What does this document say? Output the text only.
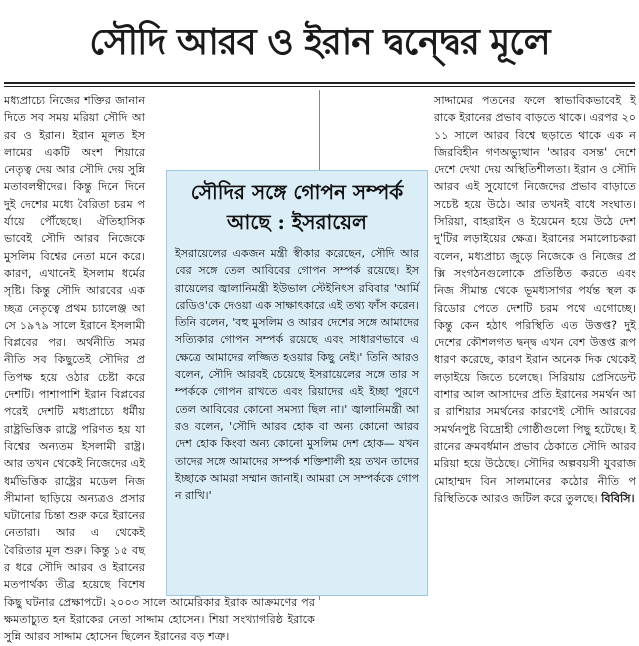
সৌদি আরব ও ইরান দ্বন্দ্বের মূলে
মধ্যপ্রাচ্যে নিজের শক্তির জানান দিতে সব সময় মরিয়া সৌদি আরব ও ইরান। ইরান মূলত ইসলামের একটি অংশ শিয়ারে নেতৃত্ব দেয় আর সৌদি দেয় সুন্নি মতাবলম্বীদের। কিন্তু দিনে দিনে দুই দেশের মধ্যে বৈরিতা চরম পর্যায়ে পৌঁছেছে। ঐতিহাসিকভাবেই সৌদি আরব নিজেকে মুসলিম বিশ্বের নেতা মনে করে। কারণ, এখানেই ইসলাম ধর্মের সৃষ্টি। কিন্তু সৌদি আরবের একচ্ছত্র নেতৃত্বে প্রথম চ্যালেঞ্জ আসে ১৯৭৯ সালে ইরানে ইসলামী বিপ্লবের পর। অর্থনীতি সমরনীতি সব কিছুতেই সৌদির প্রতিপক্ষ হয়ে ওঠার চেষ্টা করে দেশটি। পাশাপাশি ইরান বিপ্লবের পরেই দেশটি মধ্যপ্রাচ্যে ধর্মীয় রাষ্ট্রভিত্তিক রাষ্ট্রে পরিণত হয় যা বিশ্বের অন্যতম ইসলামী রাষ্ট্র। আর তখন থেকেই নিজেদের এই ধর্মভিত্তিক রাষ্ট্রের মডেল নিজ সীমানা ছাড়িয়ে অন্যত্রও প্রসার ঘটানোর চিন্তা শুরু করে ইরানের নেতারা। আর এ থেকেই বৈরিতার মূল শুরু। কিন্তু ১৫ বছর ধরে সৌদি আরব ও ইরানের মতপার্থক্য তীব্র হয়েছে বিশেষ কিছু ঘটনার প্রেক্ষাপটে। ২০০৩ সালে আমেরিকার ইরাক আক্রমণের পর ক্ষমতাচ্যুত হন ইরাকের নেতা সাদ্দাম হোসেন। শিয়া সংখ্যাগরিষ্ঠ ইরাকে সুন্নি আরব সাদ্দাম হোসেন ছিলেন ইরানের বড় শত্রু।
সাদ্দামের পতনের ফলে স্বাভাবিকভাবেই ইরাকে ইরানের প্রভাব বাড়তে থাকে। এরপর ২০১১ সালে আরব বিশ্বে ছড়াতে থাকে এক নজিরবিহীন গণঅভ্যুত্থান 'আরব বসন্ত' দেশে দেশে দেখা দেয় অস্থিতিশীলতা। ইরান ও সৌদি আরব এই সুযোগে নিজেদের প্রভাব বাড়াতে সচেষ্ট হয়ে উঠে। আর তখনই বাধে সংঘাত। সিরিয়া, বাহরাইন ও ইয়েমেন হয়ে উঠে দেশ দু'টির লড়াইয়ের ক্ষেত্র। ইরানের সমালোচকরা বলেন, মধ্যপ্রাচ্য জুড়ে নিজেকে ও নিজের প্রক্সি সংগঠনগুলোকে প্রতিষ্ঠিত করতে এবং নিজ সীমান্ত থেকে ভূমধ্যসাগর পর্যন্ত স্থল করিডোর পেতে দেশটি চরম পথে এগোচ্ছে। কিন্তু কেন হঠাৎ পরিস্থিতি এত উত্তপ্ত? দুই দেশের কৌশলগত দ্বন্দ্ব এখন বেশ উত্তপ্ত রূপ ধারণ করেছে, কারণ ইরান অনেক দিক থেকেই লড়াইয়ে জিতে চলেছে। সিরিয়ায় প্রেসিডেন্ট বাশার আল আসাদের প্রতি ইরানের সমর্থন আর রাশিয়ার সমর্থনের কারণেই সৌদি আরবের সমর্থনপুষ্ট বিদ্রোহী গোষ্ঠীগুলো পিছু হটেছে। ইরানের ক্রমবর্ধমান প্রভাব ঠেকাতে সৌদি আরব মরিয়া হয়ে উঠেছে। সৌদির অল্পবয়সী যুবরাজ মোহাম্মদ বিন সালমানের কঠোর নীতি পরিস্থিতিকে আরও জটিল করে তুলছে। বিবিসি।
সৌদির সঙ্গে গোপন সম্পর্ক আছে : ইসরায়েল
ইসরায়েলের একজন মন্ত্রী স্বীকার করেছেন, সৌদি আরবের সঙ্গে তেল আবিবের গোপন সম্পর্ক রয়েছে। ইসরায়েলের জ্বালানিমন্ত্রী ইউভাল স্টেইনিৎস রবিবার 'আর্মি রেডিও'কে দেওয়া এক সাক্ষাৎকারে এই তথ্য ফাঁস করেন। তিনি বলেন, 'বহু মুসলিম ও আরব দেশের সঙ্গে আমাদের সত্যিকার গোপন সম্পর্ক রয়েছে এবং সাধারণভাবে এক্ষেত্রে আমাদের লজ্জিত হওয়ার কিছু নেই।' তিনি আরও বলেন, সৌদি আরবই চেয়েছে ইসরায়েলের সঙ্গে তার সম্পর্ককে গোপন রাখতে এবং রিয়াদের এই ইচ্ছা পূরণে তেল আবিবের কোনো সমস্যা ছিল না।' জ্বালানিমন্ত্রী আরও বলেন, 'সৌদি আরব হোক বা অন্য কোনো আরব দেশ হোক কিংবা অন্য কোনো মুসলিম দেশ হোক— যখন তাদের সঙ্গে আমাদের সম্পর্ক শক্তিশালী হয় তখন তাদের ইচ্ছাকে আমরা সম্মান জানাই। আমরা সে সম্পর্ককে গোপন রাখি।'
